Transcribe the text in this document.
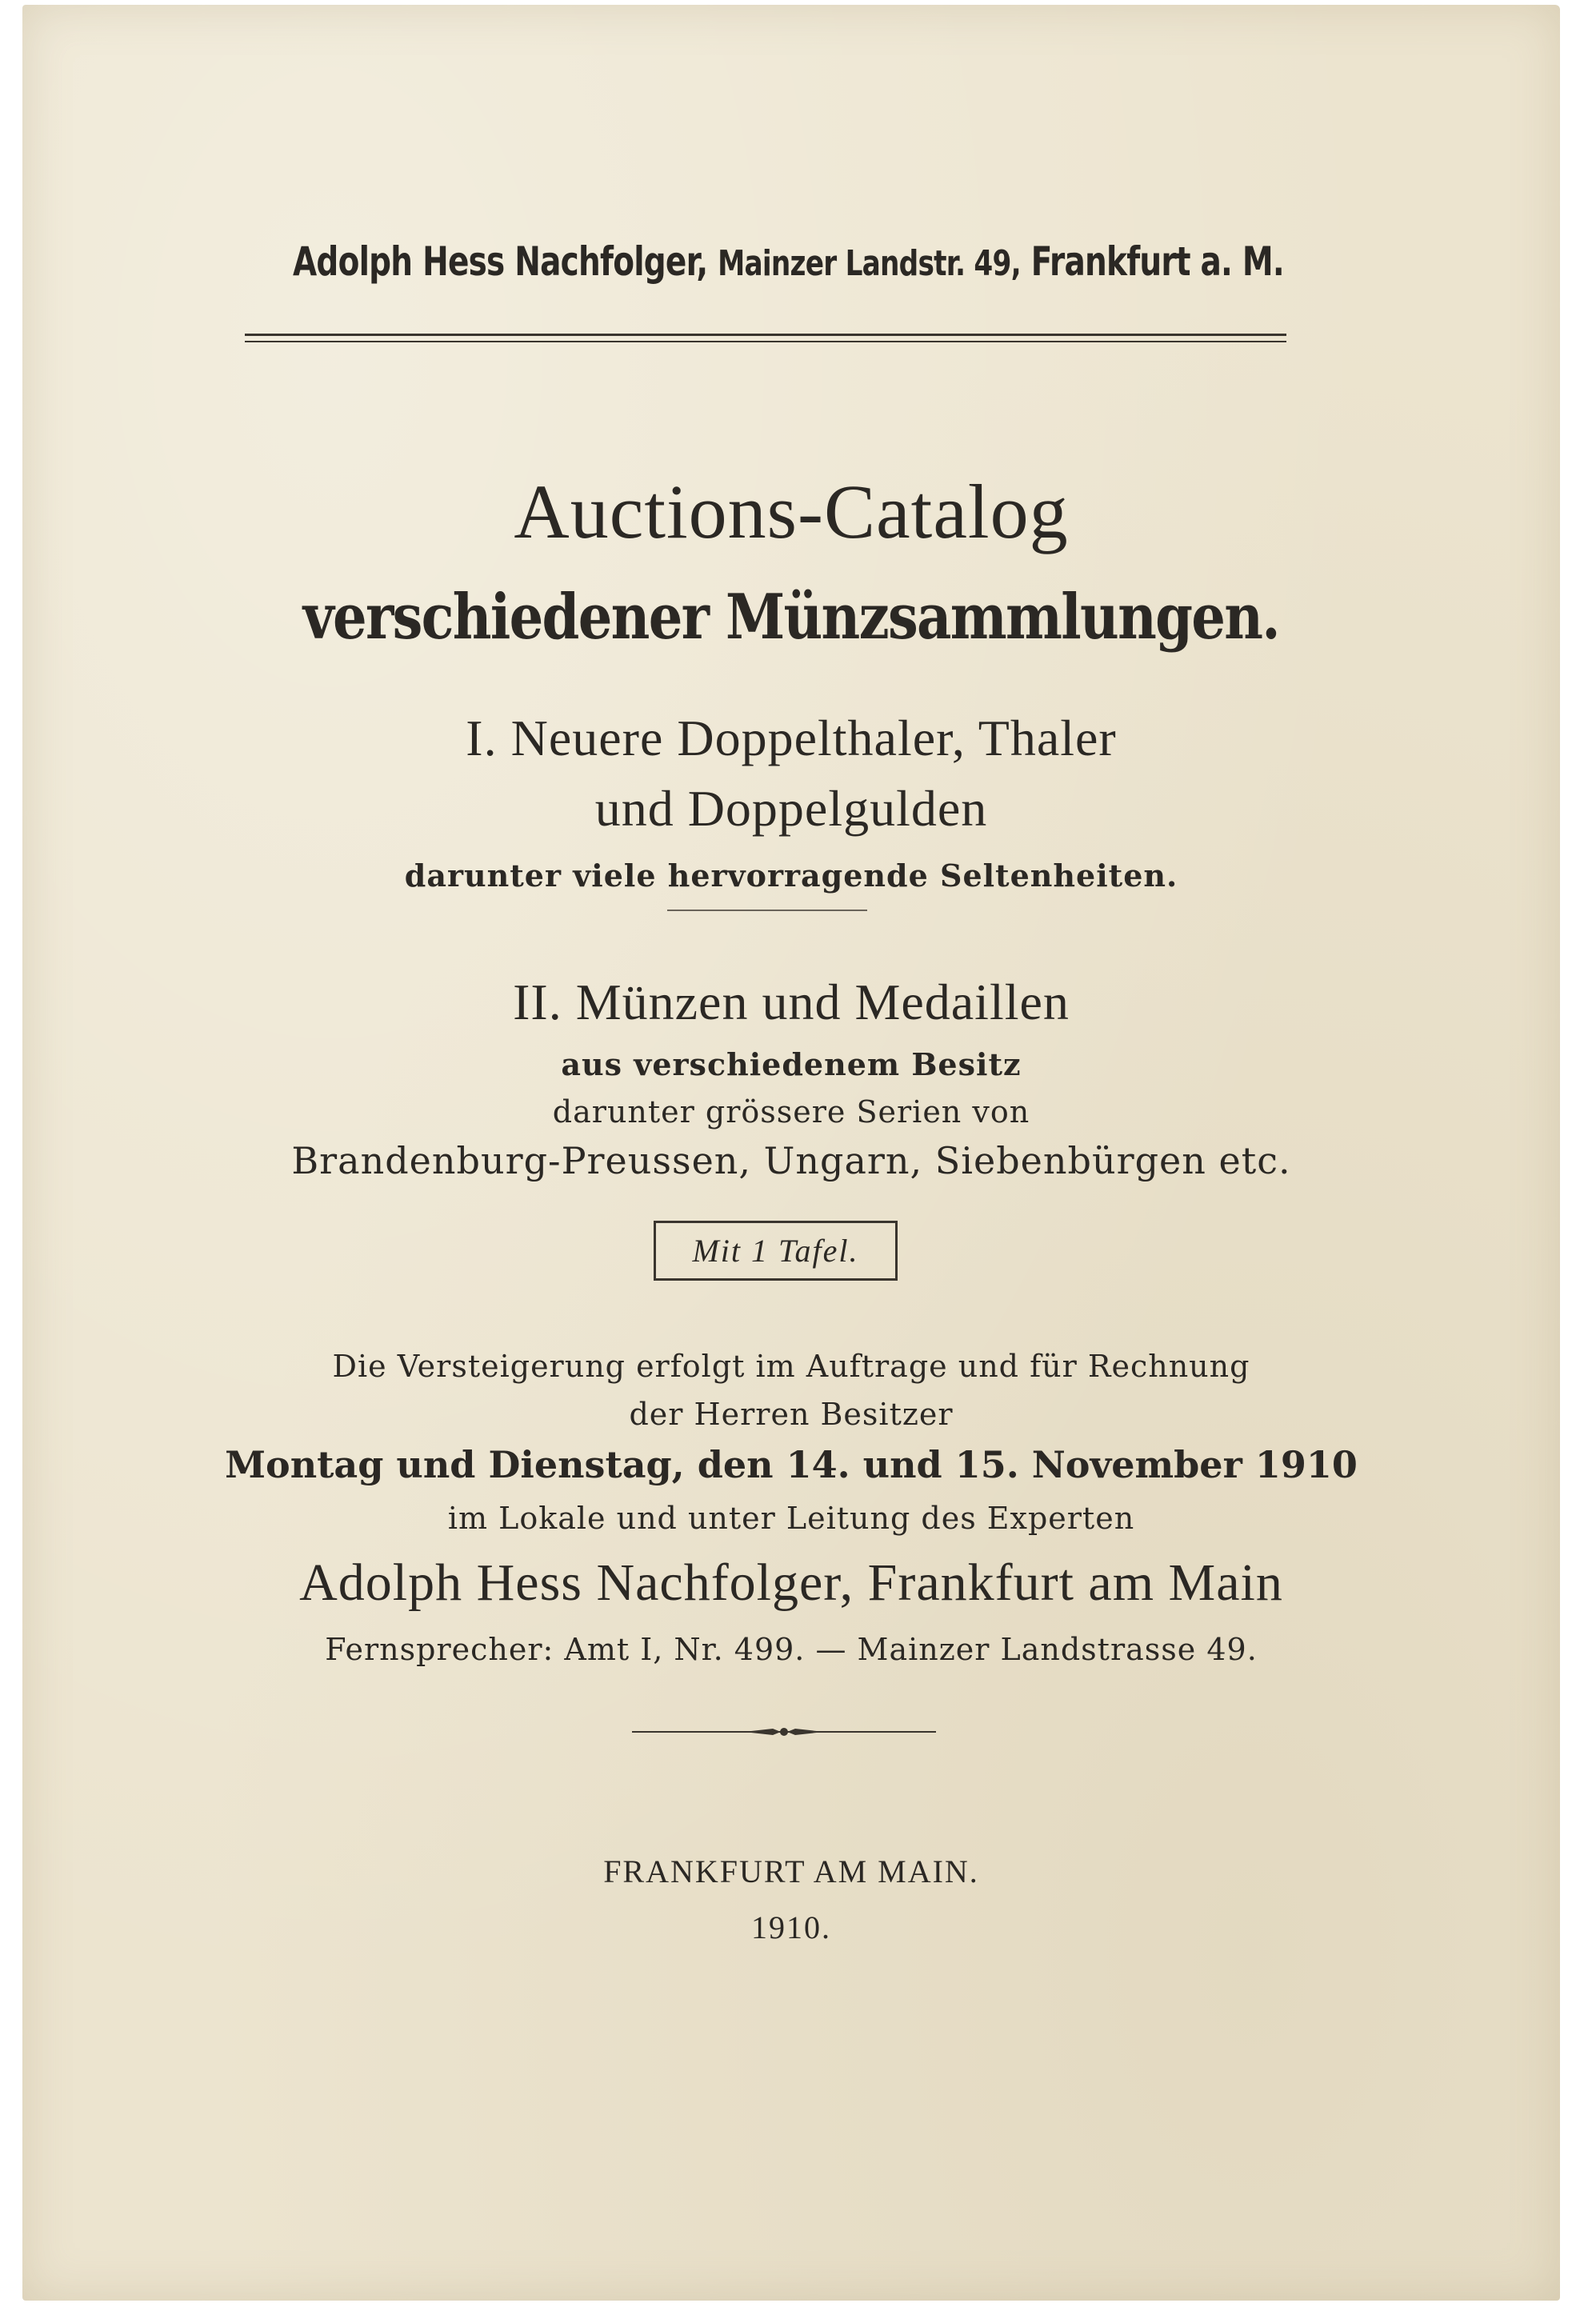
Adolph Hess Nachfolger, Mainzer Landstr. 49, Frankfurt a. M.
Auctions-Catalog
verschiedener Münzsammlungen.
I. Neuere Doppelthaler, Thaler
und Doppelgulden
darunter viele hervorragende Seltenheiten.
II. Münzen und Medaillen
aus verschiedenem Besitz
darunter grössere Serien von
Brandenburg-Preussen, Ungarn, Siebenbürgen etc.
Mit 1 Tafel.
Die Versteigerung erfolgt im Auftrage und für Rechnung
der Herren Besitzer
Montag und Dienstag, den 14. und 15. November 1910
im Lokale und unter Leitung des Experten
Adolph Hess Nachfolger, Frankfurt am Main
Fernsprecher: Amt I, Nr. 499. — Mainzer Landstrasse 49.
FRANKFURT AM MAIN.
1910.
